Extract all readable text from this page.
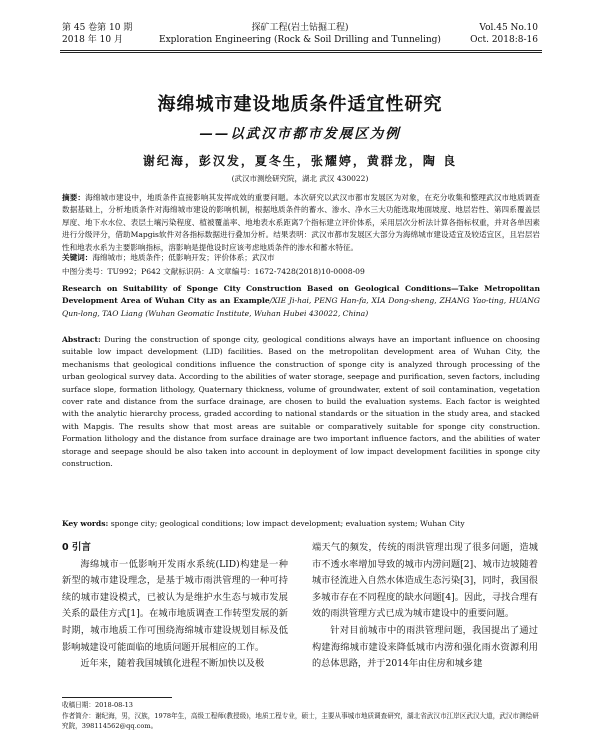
第 45 卷第 10 期
2018 年 10 月
探矿工程(岩土钻掘工程)
Exploration Engineering (Rock & Soil Drilling and Tunneling)
Vol.45 No.10
Oct. 2018:8-16
海绵城市建设地质条件适宜性研究
——以武汉市都市发展区为例
谢纪海，彭汉发，夏冬生，张耀婷，黄群龙，陶 良
(武汉市测绘研究院，湖北 武汉 430022)
摘要：海绵城市建设中，地质条件直接影响其发挥成效的重要问题。本次研究以武汉市都市发展区为对象，在充分收集和整理武汉市地质调查数据基础上，分析地质条件对海绵城市建设的影响机制，根据地质条件的蓄水、渗水、净水三大功能选取地面坡度、地层岩性、第四系覆盖层厚度、地下水水位、表层土壤污染程度、植被覆盖率、地地表水系距离7个指标建立评价体系，采用层次分析法计算各指标权重，并对各单因素进行分级评分，借助Mapgis软件对各指标数据进行叠加分析。结果表明：武汉市都市发展区大部分为海绵城市建设适宜及较适宜区，且岩层岩性和地表水系为主要影响指标，溶影响是提他设时应该考虑地质条件的渗水和蓄水特征。
关键词：海绵城市；地质条件；低影响开发；评价体系；武汉市
中图分类号：TU992；P642 文献标识码：A 文章编号：1672-7428(2018)10-0008-09
Research on Suitability of Sponge City Construction Based on Geological Conditions—Take Metropolitan Development Area of Wuhan City as an Example/XIE Ji-hai, PENG Han-fa, XIA Dong-sheng, ZHANG Yao-ting, HUANG Qun-long, TAO Liang (Wuhan Geomatic Institute, Wuhan Hubei 430022, China)
Abstract: During the construction of sponge city, geological conditions always have an important influence on choosing suitable low impact development (LID) facilities. Based on the metropolitan development area of Wuhan City, the mechanisms that geological conditions influence the construction of sponge city is analyzed through processing of the urban geological survey data. According to the abilities of water storage, seepage and purification, seven factors, including surface slope, formation lithology, Quaternary thickness, volume of groundwater, extent of soil contamination, vegetation cover rate and distance from the surface drainage, are chosen to build the evaluation systems. Each factor is weighted with the analytic hierarchy process, graded according to national standards or the situation in the study area, and stacked with Mapgis. The results show that most areas are suitable or comparatively suitable for sponge city construction. Formation lithology and the distance from surface drainage are two important influence factors, and the abilities of water storage and seepage should be also taken into account in deployment of low impact development facilities in sponge city construction.
Key words: sponge city; geological conditions; low impact development; evaluation system; Wuhan City
0 引言
海绵城市一低影响开发雨水系统(LID)构建是一种新型的城市建设理念，是基于城市雨洪管理的一种可持续的城市建设模式，已被认为是维护水生态与城市发展关系的最佳方式[1]。在城市地质调查工作转型发展的新时期，城市地质工作可围绕海绵城市建设规划目标及低影响城建设可能面临的地质问题开展相应的工作。
近年来，随着我国城镇化进程不断加快以及极
端天气的频发，传统的雨洪管理出现了很多问题，造城市不透水率增加导致的城市内涝问题[2]、城市边坡随着城市径流进入自然水体造成生态污染[3]，同时，我国很多城市存在不同程度的缺水问题[4]。因此，寻找合理有效的雨洪管理方式已成为城市建设中的重要问题。
针对目前城市中的雨洪管理问题，我国提出了通过构建海绵城市建设来降低城市内涝和强化雨水资源利用的总体思路，并于2014年由住房和城乡建
收稿日期：2018-08-13
作者简介：谢纪海，男，汉族，1978年生，高级工程师(教授级)，地质工程专业，硕士，主要从事城市地质调查研究，湖北省武汉市江岸区武汉大道，武汉市测绘研究院，398114562@qq.com。
